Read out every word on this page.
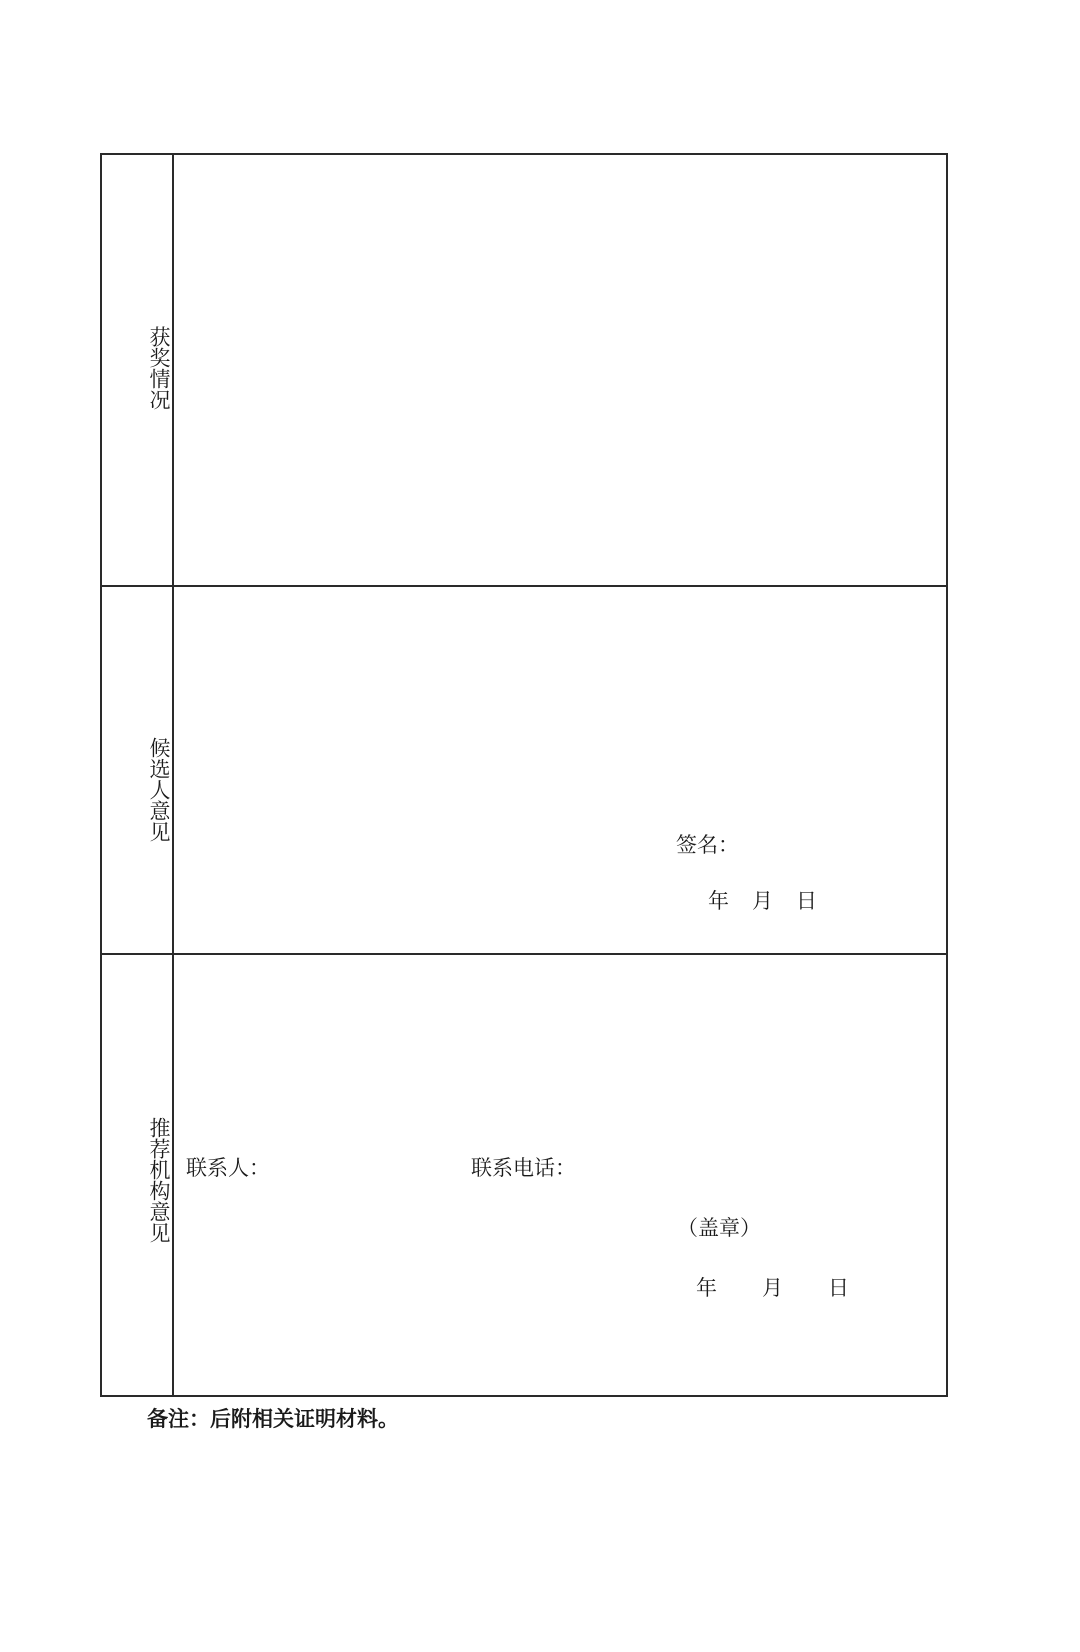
获奖情况
候选人意见
签名：
年 月 日
推荐机构意见 联系人：	联系电话：
（盖章）
年 月 日
备注：后附相关证明材料。
